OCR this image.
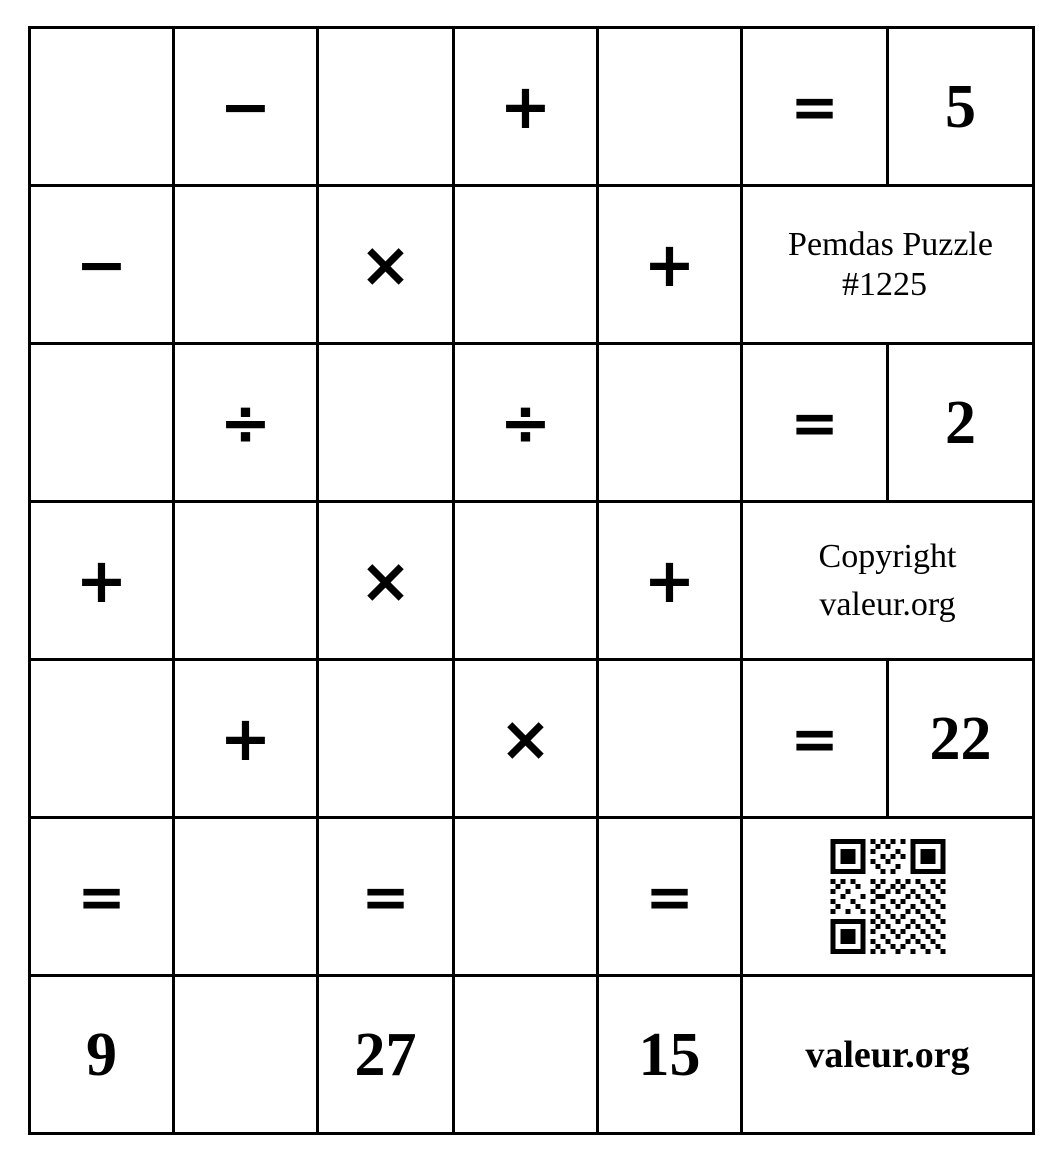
	−		+		=	5
−		×		+	Pemdas Puzzle #1225	
	÷		÷		=	2
+		×		+	Copyright
valeur.org	

	+		×		=	22
=		=		=	

9		27		15	valeur.org	
